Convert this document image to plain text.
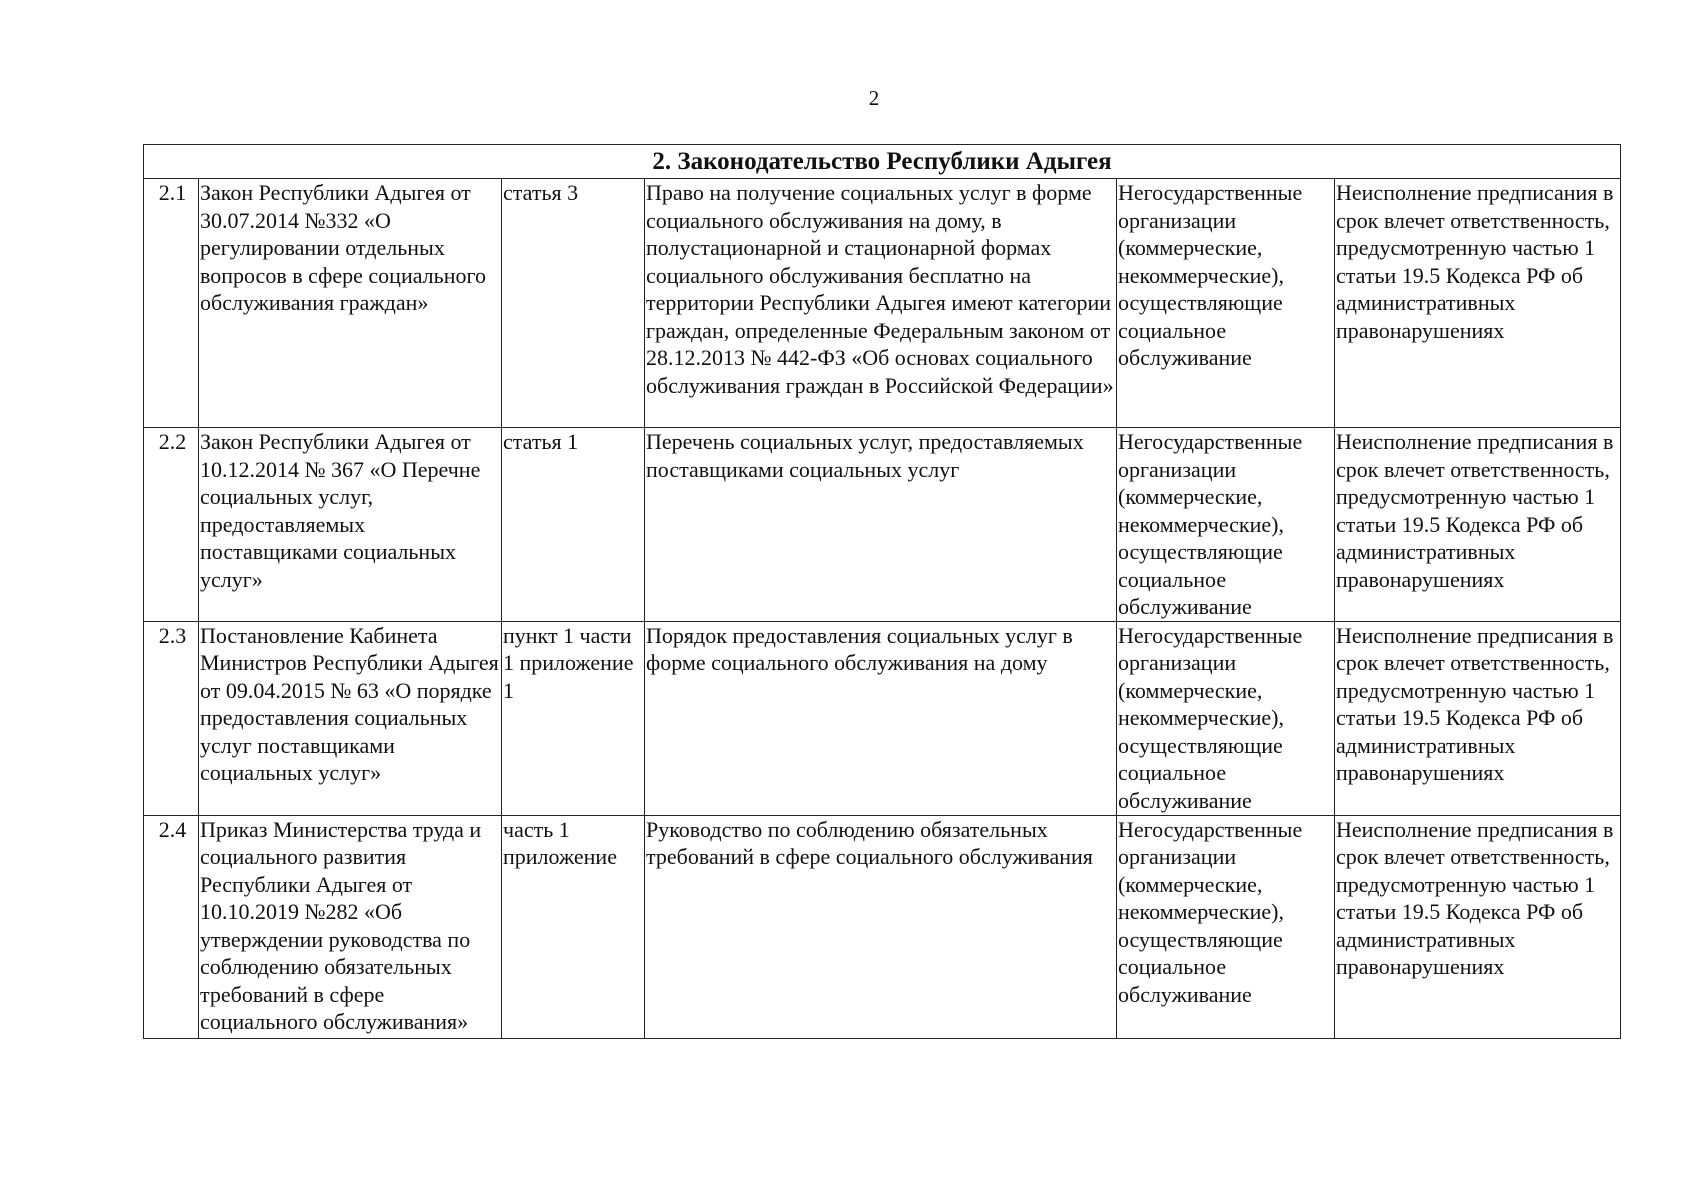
2
2. Законодательство Республики Адыгея					
2.1	Закон Республики Адыгея от 30.07.2014 №332 «О регулировании отдельных вопросов в сфере социального обслуживания граждан»	статья 3	Право на получение социальных услуг в форме социального обслуживания на дому, в полустационарной и стационарной формах социального обслуживания бесплатно на территории Республики Адыгея имеют категории граждан, определенные Федеральным законом от 28.12.2013 № 442-ФЗ «Об основах социального обслуживания граждан в Российской Федерации»	Негосударственные организации (коммерческие, некоммерческие), осуществляющие социальное обслуживание	Неисполнение предписания в срок влечет ответственность, предусмотренную частью 1 статьи 19.5 Кодекса РФ об административных правонарушениях
2.2	Закон Республики Адыгея от 10.12.2014 № 367 «О Перечне социальных услуг, предоставляемых поставщиками социальных услуг»	статья 1	Перечень социальных услуг, предоставляемых поставщиками социальных услуг	Негосударственные организации (коммерческие, некоммерческие), осуществляющие социальное обслуживание	Неисполнение предписания в срок влечет ответственность, предусмотренную частью 1 статьи 19.5 Кодекса РФ об административных правонарушениях
2.3	Постановление Кабинета Министров Республики Адыгея от 09.04.2015 № 63 «О порядке предоставления социальных услуг поставщиками социальных услуг»	пункт 1 части 1 приложение 1	Порядок предоставления социальных услуг в форме социального обслуживания на дому	Негосударственные организации (коммерческие, некоммерческие), осуществляющие социальное обслуживание	Неисполнение предписания в срок влечет ответственность, предусмотренную частью 1 статьи 19.5 Кодекса РФ об административных правонарушениях
2.4	Приказ Министерства труда и социального развития Республики Адыгея от 10.10.2019 №282 «Об утверждении руководства по соблюдению обязательных требований в сфере социального обслуживания»	часть 1 приложение	Руководство по соблюдению обязательных требований в сфере социального обслуживания	Негосударственные организации (коммерческие, некоммерческие), осуществляющие социальное обслуживание	Неисполнение предписания в срок влечет ответственность, предусмотренную частью 1 статьи 19.5 Кодекса РФ об административных правонарушениях
